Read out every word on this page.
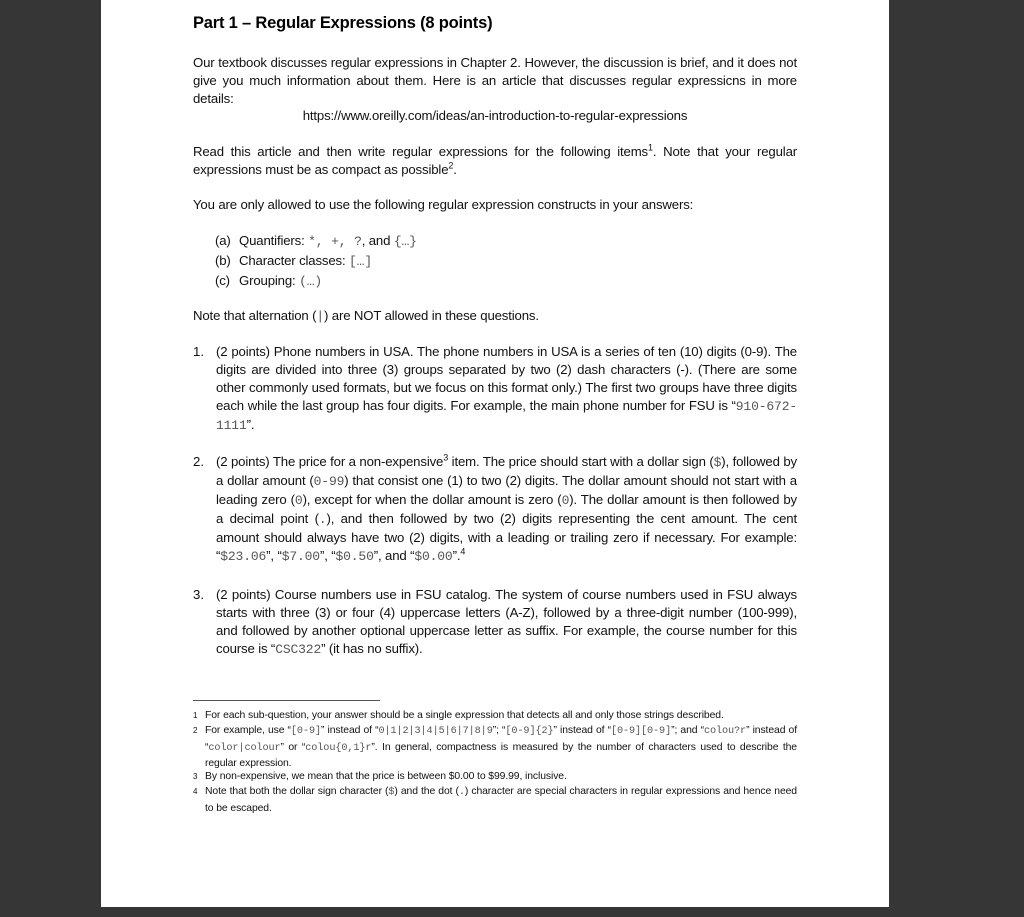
Part 1 – Regular Expressions (8 points)

Our textbook discusses regular expressions in Chapter 2. However, the discussion is brief, and it does not give you much information about them. Here is an article that discusses regular expressicns in more details:

https://www.oreilly.com/ideas/an-introduction-to-regular-expressions

Read this article and then write regular expressions for the following items$^1$. Note that your regular expressions must be as compact as possible$^2$.

You are only allowed to use the following regular expression constructs in your answers:

(a) Quantifiers: *, +, ?, and {…}
(b) Character classes: […]
(c) Grouping: (…)

Note that alternation (|) are NOT allowed in these questions.

1. (2 points) Phone numbers in USA. The phone numbers in USA is a series of ten (10) digits (0-9). The digits are divided into three (3) groups separated by two (2) dash characters (-). (There are some other commonly used formats, but we focus on this format only.) The first two groups have three digits each while the last group has four digits. For example, the main phone number for FSU is “910-672-1111”.
2. (2 points) The price for a non-expensive$^3$ item. The price should start with a dollar sign ($), followed by a dollar amount (0-99) that consist one (1) to two (2) digits. The dollar amount should not start with a leading zero (0), except for when the dollar amount is zero (0). The dollar amount is then followed by a decimal point (.), and then followed by two (2) digits representing the cent amount. The cent amount should always have two (2) digits, with a leading or trailing zero if necessary. For example: “$23.06”, “$7.00”, “$0.50”, and “$0.00”.$^4$
3. (2 points) Course numbers use in FSU catalog. The system of course numbers used in FSU always starts with three (3) or four (4) uppercase letters (A-Z), followed by a three-digit number (100-999), and followed by another optional uppercase letter as suffix. For example, the course number for this course is “CSC322” (it has no suffix).
1 For each sub-question, your answer should be a single expression that detects all and only those strings described.
2 For example, use “[0-9]” instead of “0|1|2|3|4|5|6|7|8|9”; “[0-9]{2}” instead of “[0-9][0-9]”; and “colou?r” instead of “color|colour” or “colou{0,1}r”. In general, compactness is measured by the number of characters used to describe the regular expression.
3 By non-expensive, we mean that the price is between $0.00 to $99.99, inclusive.
4 Note that both the dollar sign character ($) and the dot (.) character are special characters in regular expressions and hence need to be escaped.
